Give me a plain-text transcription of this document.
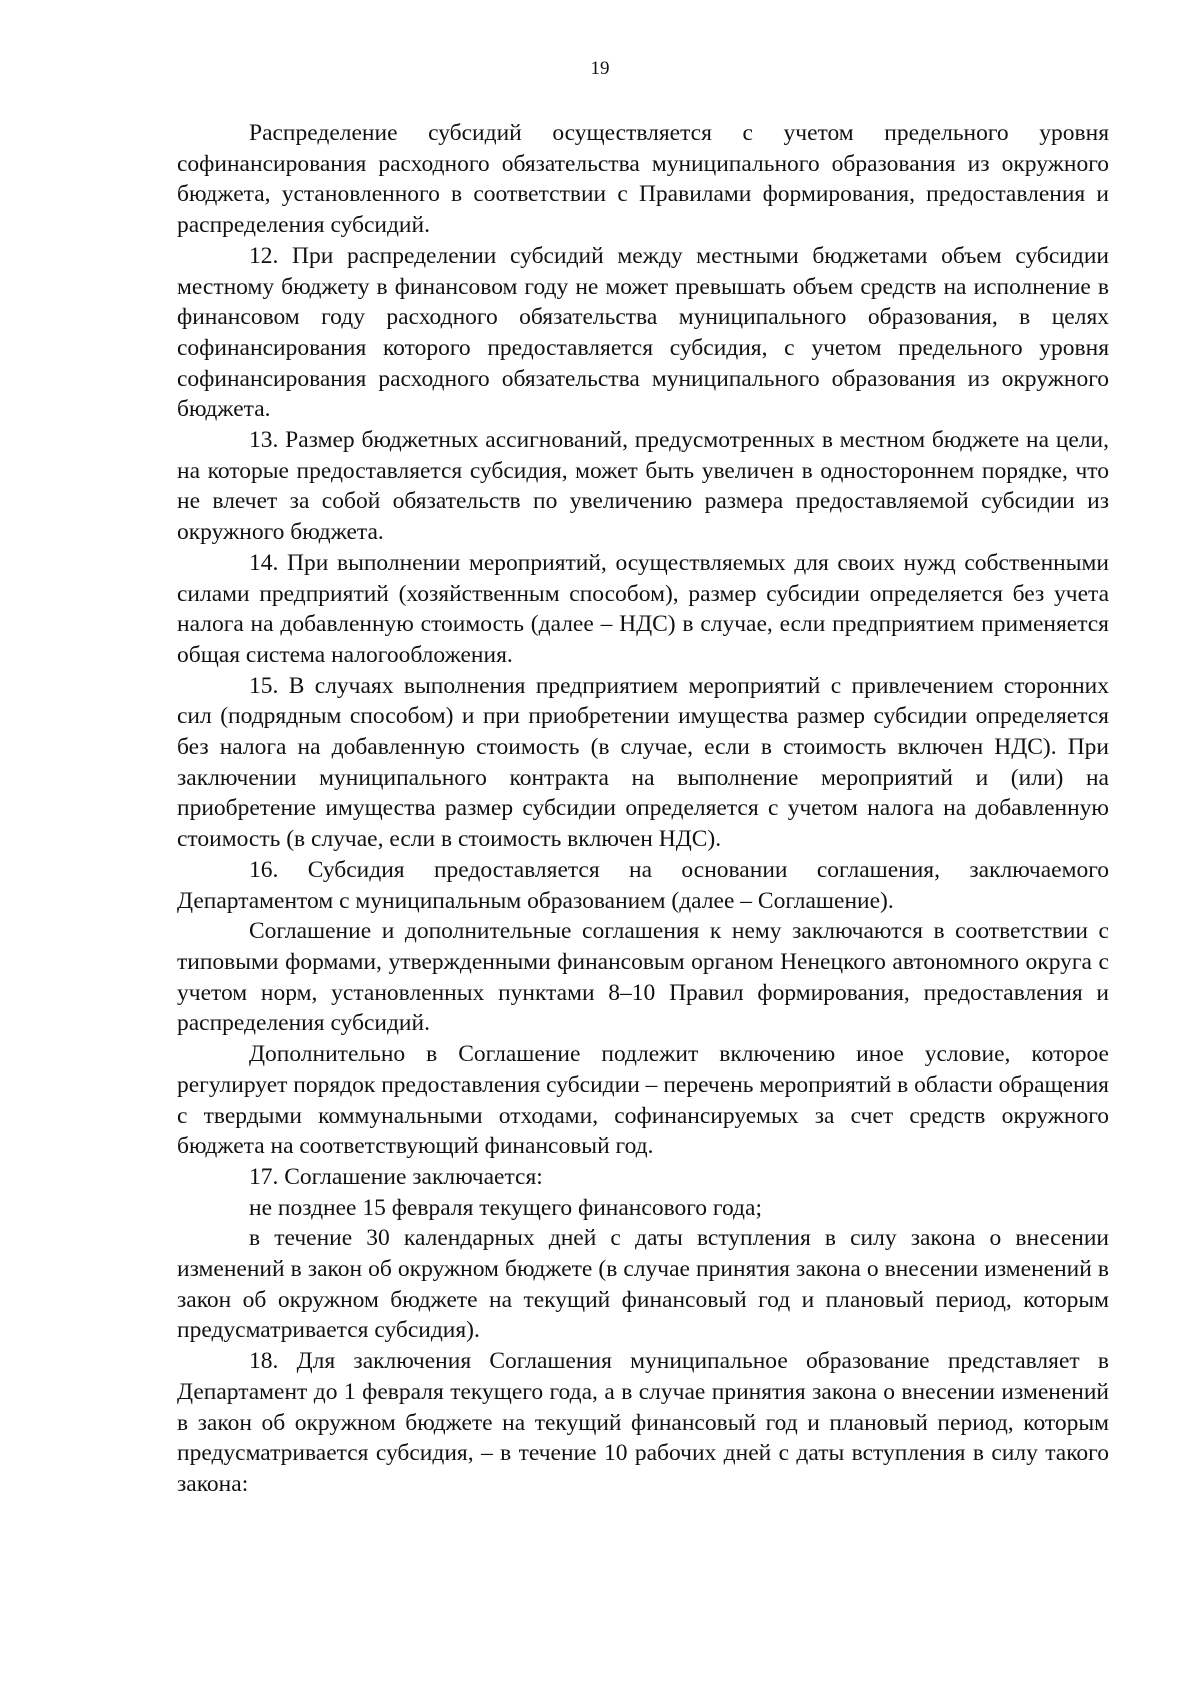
19

Распределение субсидий осуществляется с учетом предельного уровня софинансирования расходного обязательства муниципального образования из окружного бюджета, установленного в соответствии с Правилами формирования, предоставления и распределения субсидий.

12. При распределении субсидий между местными бюджетами объем субсидии местному бюджету в финансовом году не может превышать объем средств на исполнение в финансовом году расходного обязательства муниципального образования, в целях софинансирования которого предоставляется субсидия, с учетом предельного уровня софинансирования расходного обязательства муниципального образования из окружного бюджета.

13. Размер бюджетных ассигнований, предусмотренных в местном бюджете на цели, на которые предоставляется субсидия, может быть увеличен в одностороннем порядке, что не влечет за собой обязательств по увеличению размера предоставляемой субсидии из окружного бюджета.

14. При выполнении мероприятий, осуществляемых для своих нужд собственными силами предприятий (хозяйственным способом), размер субсидии определяется без учета налога на добавленную стоимость (далее – НДС) в случае, если предприятием применяется общая система налогообложения.

15. В случаях выполнения предприятием мероприятий с привлечением сторонних сил (подрядным способом) и при приобретении имущества размер субсидии определяется без налога на добавленную стоимость (в случае, если в стоимость включен НДС). При заключении муниципального контракта на выполнение мероприятий и (или) на приобретение имущества размер субсидии определяется с учетом налога на добавленную стоимость (в случае, если в стоимость включен НДС).

16. Субсидия предоставляется на основании соглашения, заключаемого Департаментом с муниципальным образованием (далее – Соглашение).

Соглашение и дополнительные соглашения к нему заключаются в соответствии с типовыми формами, утвержденными финансовым органом Ненецкого автономного округа с учетом норм, установленных пунктами 8–10 Правил формирования, предоставления и распределения субсидий.

Дополнительно в Соглашение подлежит включению иное условие, которое регулирует порядок предоставления субсидии – перечень мероприятий в области обращения с твердыми коммунальными отходами, софинансируемых за счет средств окружного бюджета на соответствующий финансовый год.

17. Соглашение заключается:

не позднее 15 февраля текущего финансового года;

в течение 30 календарных дней с даты вступления в силу закона о внесении изменений в закон об окружном бюджете (в случае принятия закона о внесении изменений в закон об окружном бюджете на текущий финансовый год и плановый период, которым предусматривается субсидия).

18. Для заключения Соглашения муниципальное образование представляет в Департамент до 1 февраля текущего года, а в случае принятия закона о внесении изменений в закон об окружном бюджете на текущий финансовый год и плановый период, которым предусматривается субсидия, – в течение 10 рабочих дней с даты вступления в силу такого закона:
